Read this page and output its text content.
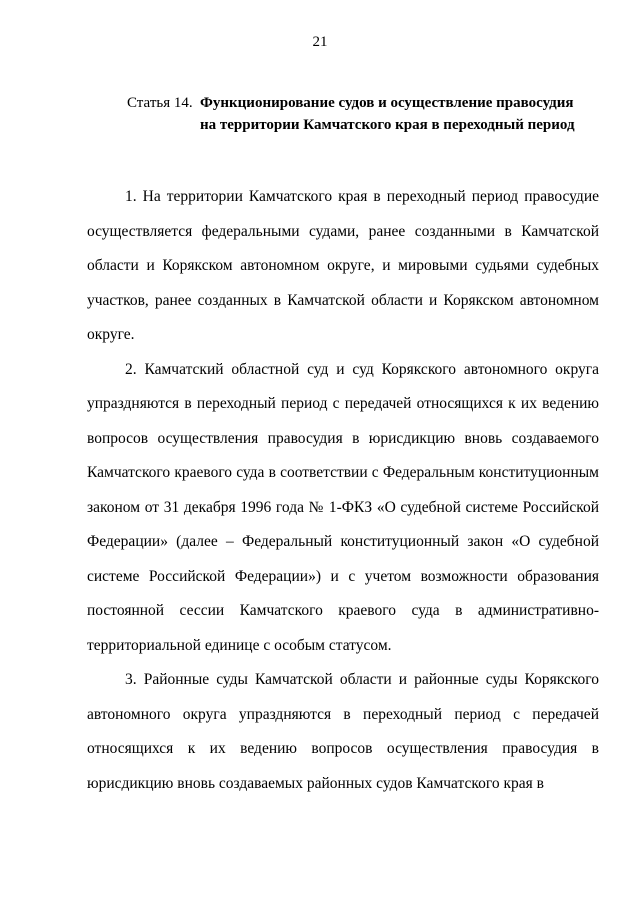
21
Статья 14. Функционирование судов и осуществление правосудия
на территории Камчатского края в переходный период

1. На территории Камчатского края в переходный период правосудие осуществляется федеральными судами, ранее созданными в Камчатской области и Корякском автономном округе, и мировыми судьями судебных участков, ранее созданных в Камчатской области и Корякском автономном округе.

2. Камчатский областной суд и суд Корякского автономного округа упраздняются в переходный период с передачей относящихся к их ведению вопросов осуществления правосудия в юрисдикцию вновь создаваемого Камчатского краевого суда в соответствии с Федеральным конституционным законом от 31 декабря 1996 года № 1-ФКЗ «О судебной системе Российской Федерации» (далее – Федеральный конституционный закон «О судебной системе Российской Федерации») и с учетом возможности образования постоянной сессии Камчатского краевого суда в административно-территориальной единице с особым статусом.

3. Районные суды Камчатской области и районные суды Корякского автономного округа упраздняются в переходный период с передачей относящихся к их ведению вопросов осуществления правосудия в юрисдикцию вновь создаваемых районных судов Камчатского края в
